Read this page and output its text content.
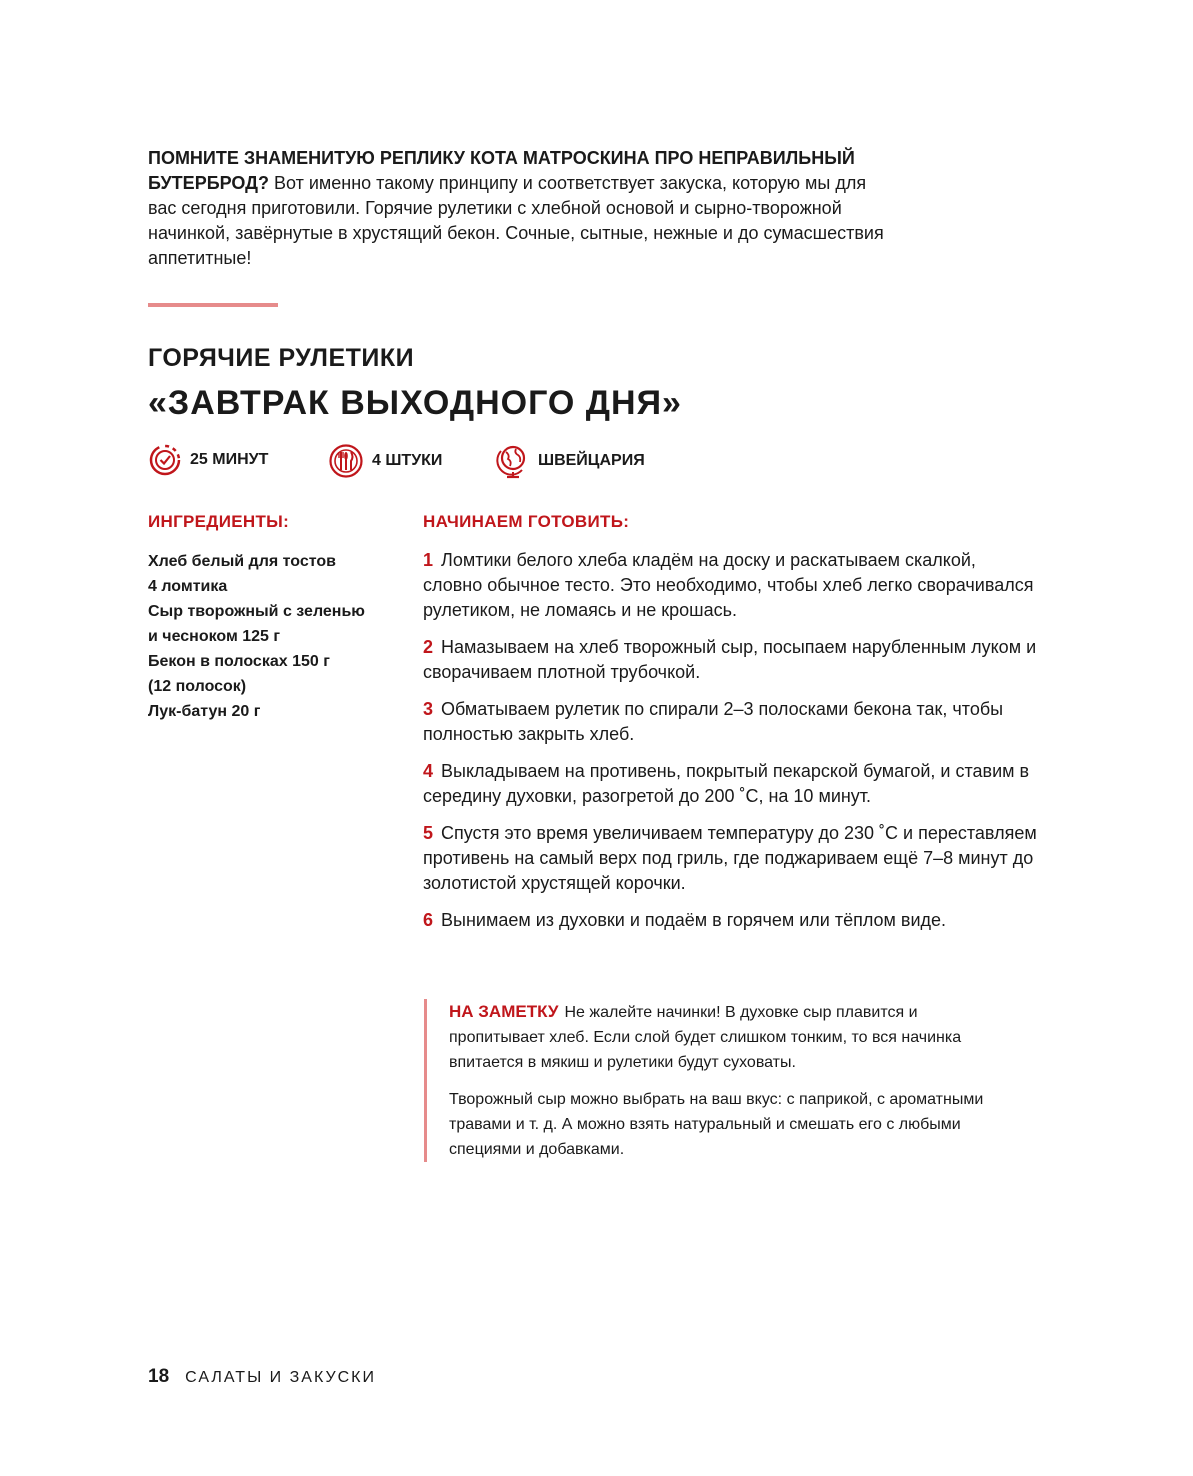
ПОМНИТЕ ЗНАМЕНИТУЮ РЕПЛИКУ КОТА МАТРОСКИНА ПРО НЕПРАВИЛЬНЫЙ БУТЕРБРОД? Вот именно такому принципу и соответствует закуска, которую мы для вас сегодня приготовили. Горячие рулетики с хлебной основой и сырно-творожной начинкой, завёрнутые в хрустящий бекон. Сочные, сытные, нежные и до сумасшествия аппетитные!
ГОРЯЧИЕ РУЛЕТИКИ
«ЗАВТРАК ВЫХОДНОГО ДНЯ»
25 МИНУТ	4 ШТУКИ	ШВЕЙЦАРИЯ
ИНГРЕДИЕНТЫ:
Хлеб белый для тостов
4 ломтика
Сыр творожный с зеленью
и чесноком 125 г
Бекон в полосках 150 г
(12 полосок)
Лук-батун 20 г
НАЧИНАЕМ ГОТОВИТЬ:
1 Ломтики белого хлеба кладём на доску и раскатываем скалкой, словно обычное тесто. Это необходимо, чтобы хлеб легко сворачивался рулетиком, не ломаясь и не крошась.
2 Намазываем на хлеб творожный сыр, посыпаем нарубленным луком и сворачиваем плотной трубочкой.
3 Обматываем рулетик по спирали 2–3 полосками бекона так, чтобы полностью закрыть хлеб.
4 Выкладываем на противень, покрытый пекарской бумагой, и ставим в середину духовки, разогретой до 200 ˚С, на 10 минут.
5 Спустя это время увеличиваем температуру до 230 ˚С и переставляем противень на самый верх под гриль, где поджариваем ещё 7–8 минут до золотистой хрустящей корочки.
6 Вынимаем из духовки и подаём в горячем или тёплом виде.

НА ЗАМЕТКУ Не жалейте начинки! В духовке сыр плавится и пропитывает хлеб. Если слой будет слишком тонким, то вся начинка впитается в мякиш и рулетики будут суховаты.

Творожный сыр можно выбрать на ваш вкус: с паприкой, с ароматными травами и т. д. А можно взять натуральный и смешать его с любыми специями и добавками.

18 САЛАТЫ И ЗАКУСКИ
